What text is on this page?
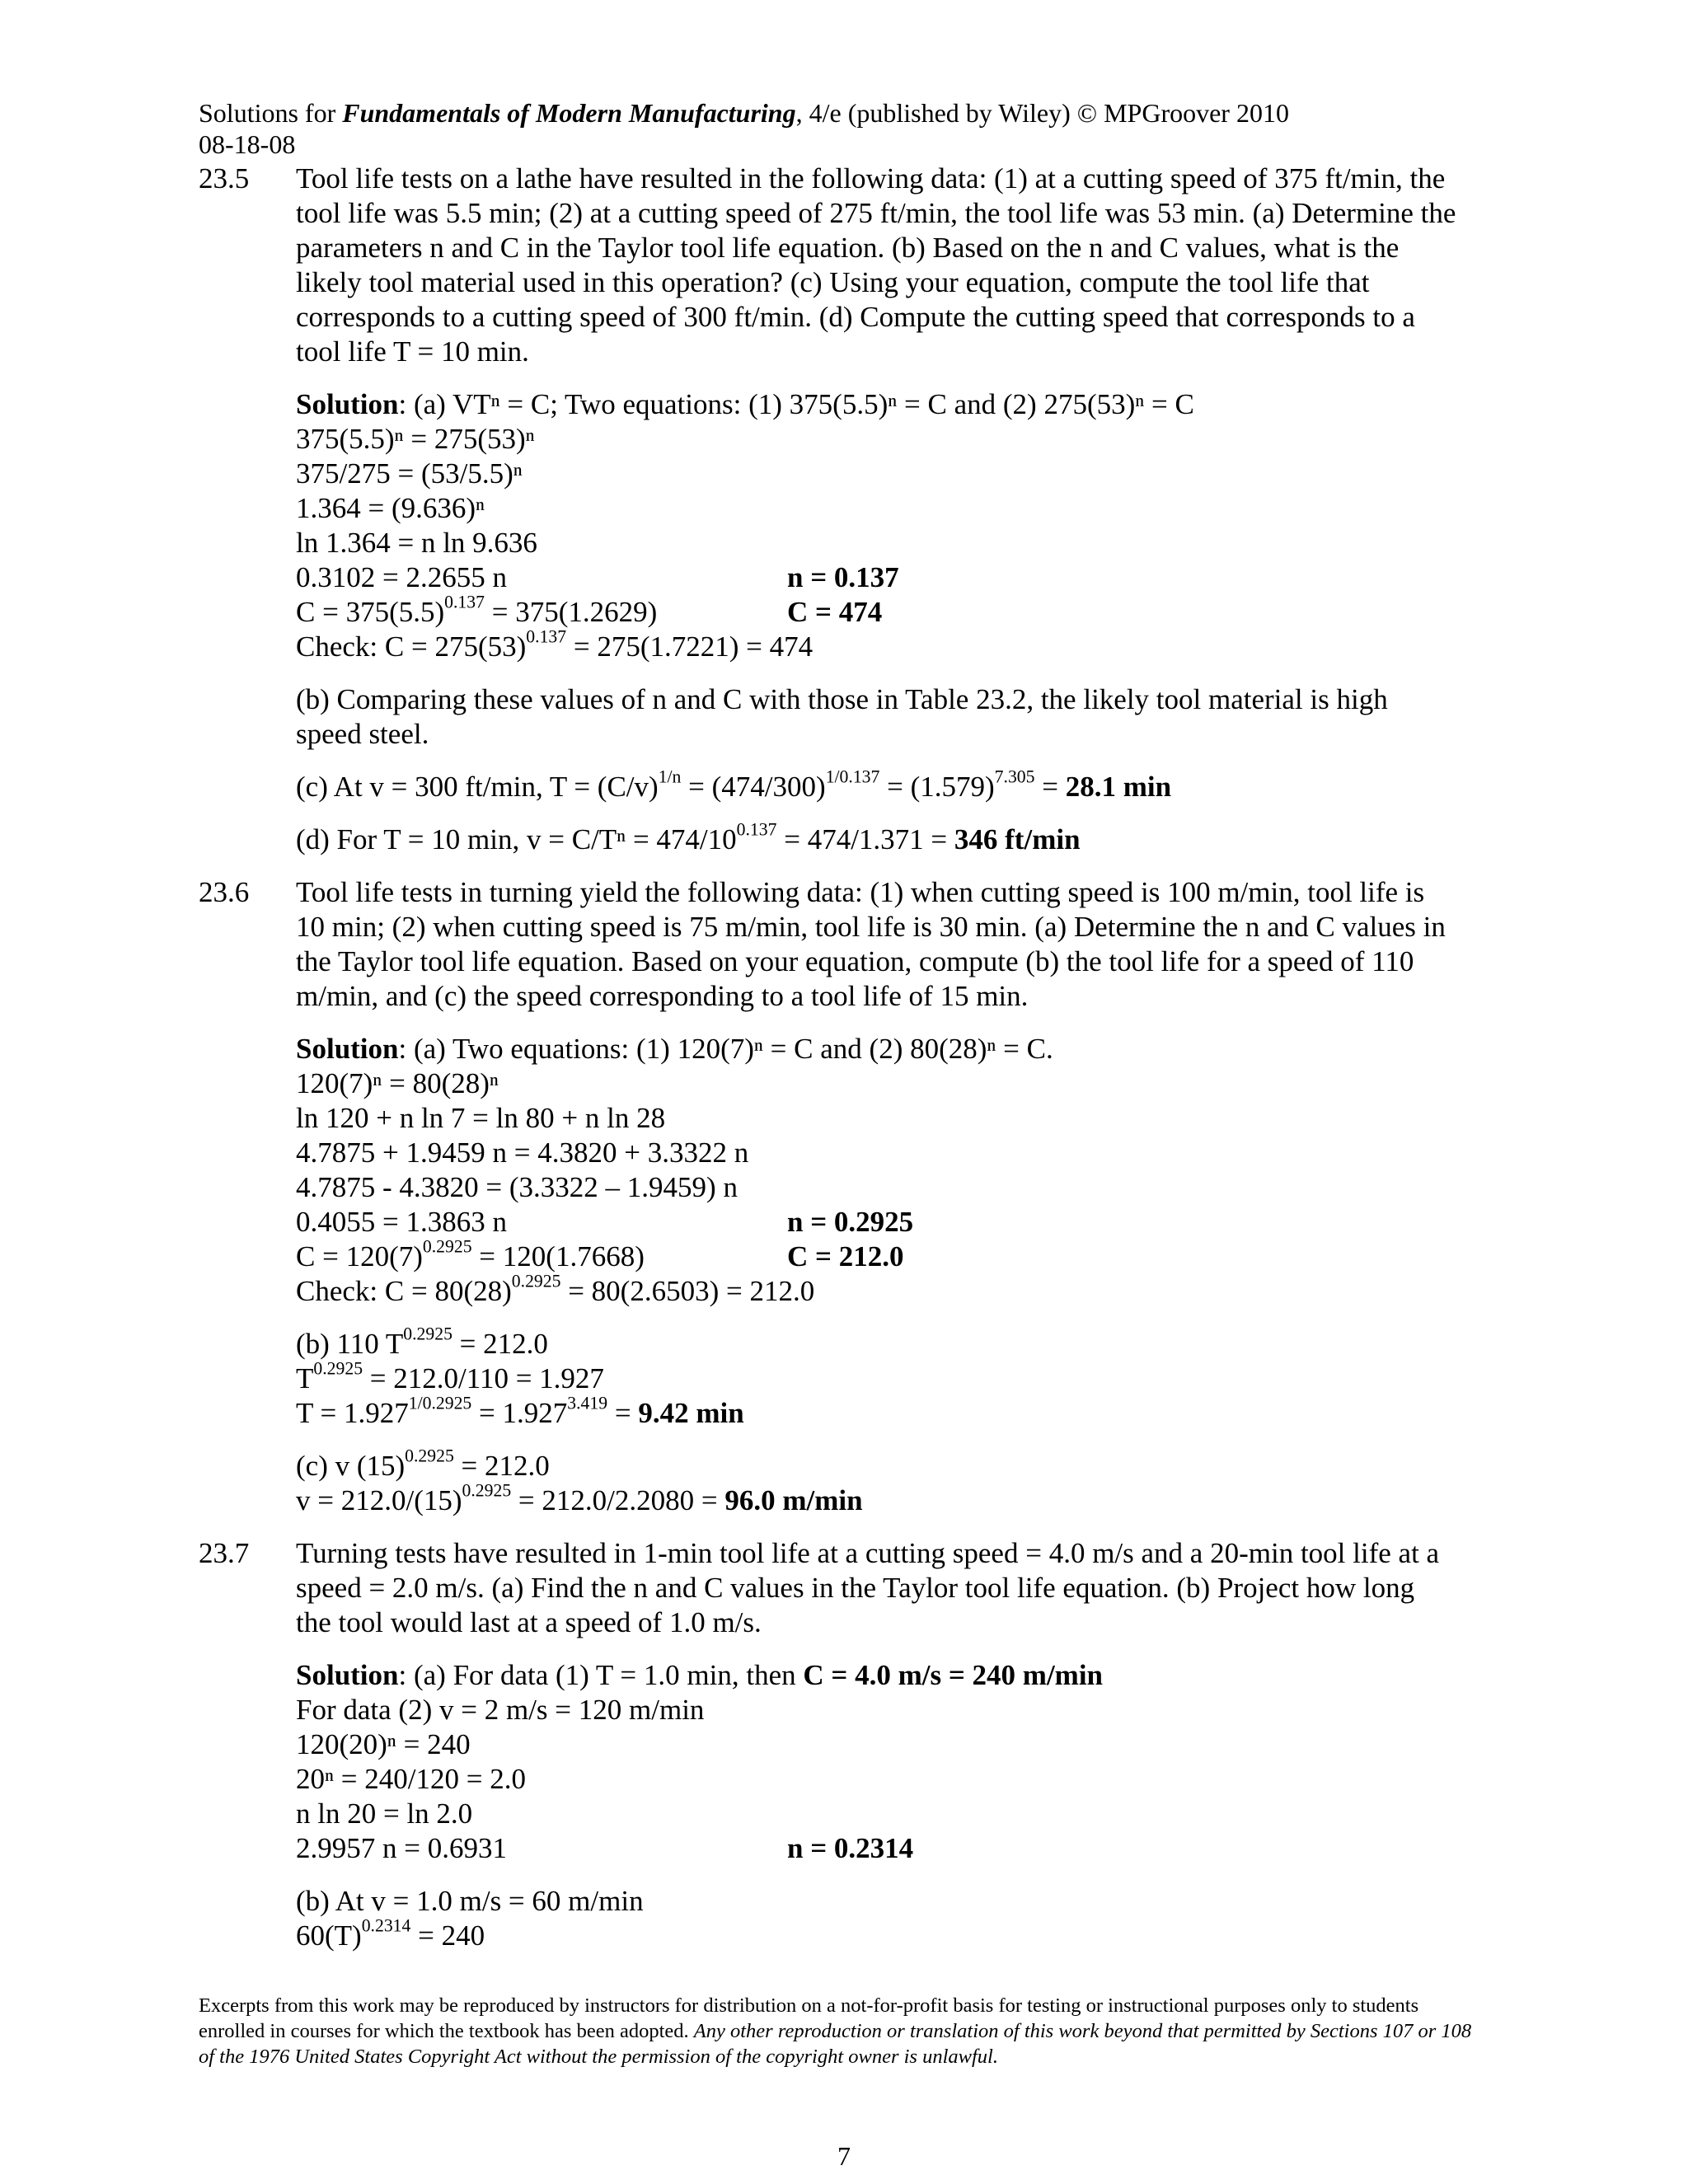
Solutions for Fundamentals of Modern Manufacturing, 4/e (published by Wiley) © MPGroover 2010
08-18-08
23.5 Tool life tests on a lathe have resulted in the following data: (1) at a cutting speed of 375 ft/min, the
tool life was 5.5 min; (2) at a cutting speed of 275 ft/min, the tool life was 53 min. (a) Determine the
parameters n and C in the Taylor tool life equation. (b) Based on the n and C values, what is the
likely tool material used in this operation? (c) Using your equation, compute the tool life that
corresponds to a cutting speed of 300 ft/min. (d) Compute the cutting speed that corresponds to a
tool life T = 10 min.
Solution: (a) VTⁿ = C; Two equations: (1) 375(5.5)ⁿ = C and (2) 275(53)ⁿ = C
375(5.5)ⁿ = 275(53)ⁿ
375/275 = (53/5.5)ⁿ
1.364 = (9.636)ⁿ
ln 1.364 = n ln 9.636
0.3102 = 2.2655 n	n = 0.137
$C = 375(5.5)^{0.137} = 375(1.2629)$	C = 474
Check: $C = 275(53)^{0.137} = 275(1.7221) = 474$
(b) Comparing these values of n and C with those in Table 23.2, the likely tool material is high
speed steel.
(c) At v = 300 ft/min, $T = (C/v)^{1/n} = (474/300)^{1/0.137} = (1.579)^{7.305} = 28.1$ min
(d) For T = 10 min, $v = C/T^n = 474/10^{0.137} = 474/1.371 = 346$ ft/min
23.6 Tool life tests in turning yield the following data: (1) when cutting speed is 100 m/min, tool life is
10 min; (2) when cutting speed is 75 m/min, tool life is 30 min. (a) Determine the n and C values in
the Taylor tool life equation. Based on your equation, compute (b) the tool life for a speed of 110
m/min, and (c) the speed corresponding to a tool life of 15 min.
Solution: (a) Two equations: (1) 120(7)ⁿ = C and (2) 80(28)ⁿ = C.
120(7)ⁿ = 80(28)ⁿ
ln 120 + n ln 7 = ln 80 + n ln 28
4.7875 + 1.9459 n = 4.3820 + 3.3322 n
4.7875 - 4.3820 = (3.3322 – 1.9459) n
0.4055 = 1.3863 n	n = 0.2925
$C = 120(7)^{0.2925} = 120(1.7668)$	C = 212.0
Check: $C = 80(28)^{0.2925} = 80(2.6503) = 212.0$
(b) 110 $T^{0.2925} = 212.0$
$T^{0.2925} = 212.0/110 = 1.927$
$T = 1.927^{1/0.2925} = 1.927^{3.419} = 9.42$ min
(c) v $(15)^{0.2925} = 212.0$
$v = 212.0/(15)^{0.2925} = 212.0/2.2080 = 96.0$ m/min
23.7 Turning tests have resulted in 1-min tool life at a cutting speed = 4.0 m/s and a 20-min tool life at a
speed = 2.0 m/s. (a) Find the n and C values in the Taylor tool life equation. (b) Project how long
the tool would last at a speed of 1.0 m/s.
Solution: (a) For data (1) T = 1.0 min, then C = 4.0 m/s = 240 m/min
For data (2) v = 2 m/s = 120 m/min
120(20)ⁿ = 240
20ⁿ = 240/120 = 2.0
n ln 20 = ln 2.0
2.9957 n = 0.6931	n = 0.2314
(b) At v = 1.0 m/s = 60 m/min
$60(T)^{0.2314} = 240$
Excerpts from this work may be reproduced by instructors for distribution on a not-for-profit basis for testing or instructional purposes only to students enrolled in courses for which the textbook has been adopted. Any other reproduction or translation of this work beyond that permitted by Sections 107 or 108 of the 1976 United States Copyright Act without the permission of the copyright owner is unlawful.
7
